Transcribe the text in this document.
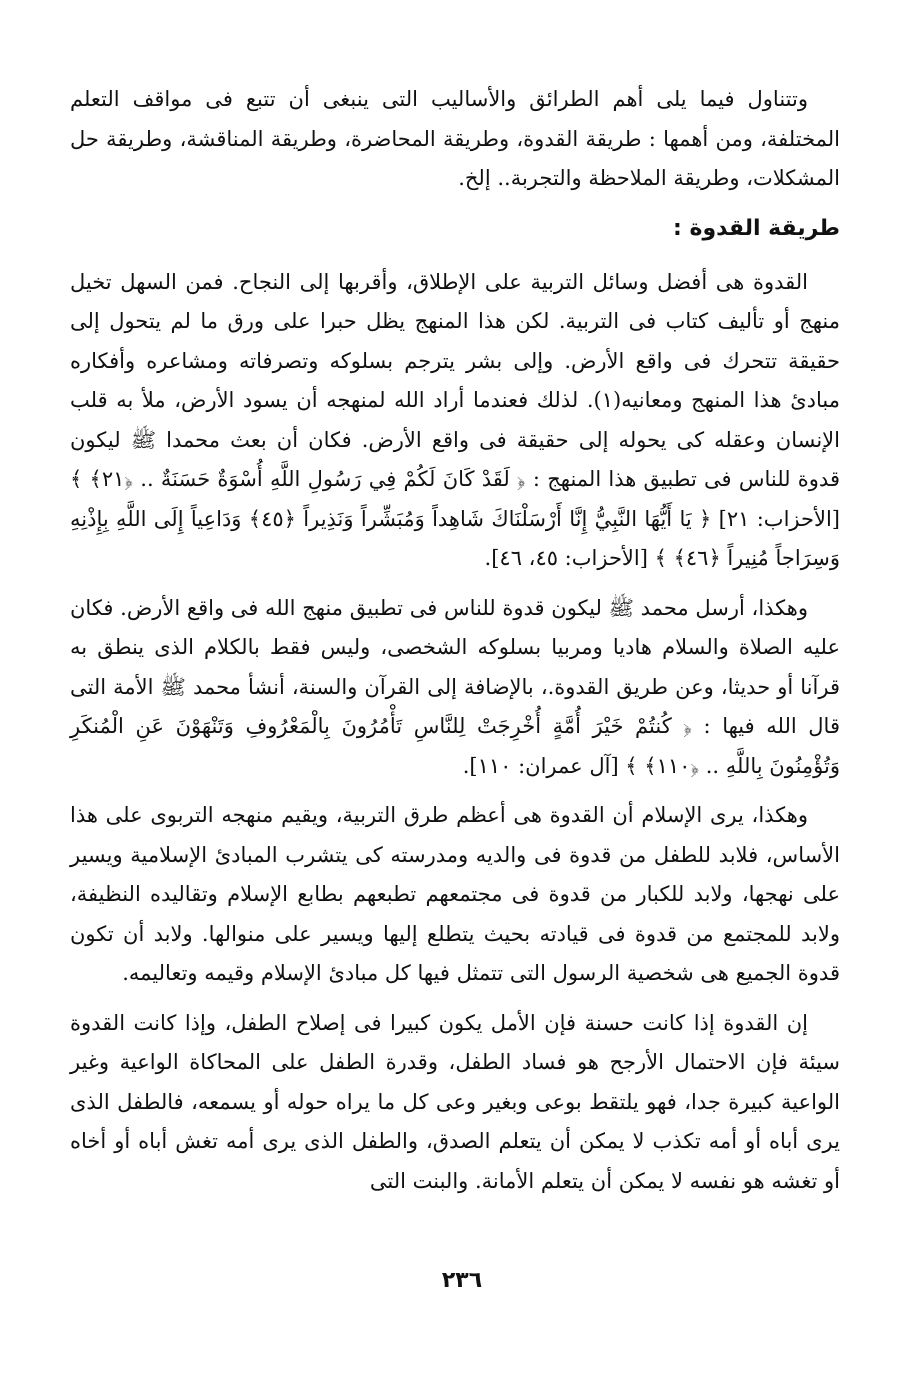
وتتناول فيما يلى أهم الطرائق والأساليب التى ينبغى أن تتبع فى مواقف التعلم المختلفة، ومن أهمها : طريقة القدوة، وطريقة المحاضرة، وطريقة المناقشة، وطريقة حل المشكلات، وطريقة الملاحظة والتجربة.. إلخ.

طريقة القدوة :

القدوة هى أفضل وسائل التربية على الإطلاق، وأقربها إلى النجاح. فمن السهل تخيل منهج أو تأليف كتاب فى التربية. لكن هذا المنهج يظل حبرا على ورق ما لم يتحول إلى حقيقة تتحرك فى واقع الأرض. وإلى بشر يترجم بسلوكه وتصرفاته ومشاعره وأفكاره مبادئ هذا المنهج ومعانيه(١). لذلك فعندما أراد الله لمنهجه أن يسود الأرض، ملأ به قلب الإنسان وعقله كى يحوله إلى حقيقة فى واقع الأرض. فكان أن بعث محمدا ﷺ ليكون قدوة للناس فى تطبيق هذا المنهج : ﴿ لَقَدْ كَانَ لَكُمْ فِي رَسُولِ اللَّهِ أُسْوَةٌ حَسَنَةٌ .. ﴿٢١﴾ ﴾ [الأحزاب: ٢١] ﴿ يَا أَيُّهَا النَّبِيُّ إِنَّا أَرْسَلْنَاكَ شَاهِداً وَمُبَشِّراً وَنَذِيراً ﴿٤٥﴾ وَدَاعِياً إِلَى اللَّهِ بِإِذْنِهِ وَسِرَاجاً مُنِيراً ﴿٤٦﴾ ﴾ [الأحزاب: ٤٥، ٤٦].

وهكذا، أرسل محمد ﷺ ليكون قدوة للناس فى تطبيق منهج الله فى واقع الأرض. فكان عليه الصلاة والسلام هاديا ومربيا بسلوكه الشخصى، وليس فقط بالكلام الذى ينطق به قرآنا أو حديثا، وعن طريق القدوة.، بالإضافة إلى القرآن والسنة، أنشأ محمد ﷺ الأمة التى قال الله فيها : ﴿ كُنتُمْ خَيْرَ أُمَّةٍ أُخْرِجَتْ لِلنَّاسِ تَأْمُرُونَ بِالْمَعْرُوفِ وَتَنْهَوْنَ عَنِ الْمُنكَرِ وَتُؤْمِنُونَ بِاللَّهِ .. ﴿١١٠﴾ ﴾ [آل عمران: ١١٠].

وهكذا، يرى الإسلام أن القدوة هى أعظم طرق التربية، ويقيم منهجه التربوى على هذا الأساس، فلابد للطفل من قدوة فى والديه ومدرسته كى يتشرب المبادئ الإسلامية ويسير على نهجها، ولابد للكبار من قدوة فى مجتمعهم تطبعهم بطابع الإسلام وتقاليده النظيفة، ولابد للمجتمع من قدوة فى قيادته بحيث يتطلع إليها ويسير على منوالها. ولابد أن تكون قدوة الجميع هى شخصية الرسول التى تتمثل فيها كل مبادئ الإسلام وقيمه وتعاليمه.

إن القدوة إذا كانت حسنة فإن الأمل يكون كبيرا فى إصلاح الطفل، وإذا كانت القدوة سيئة فإن الاحتمال الأرجح هو فساد الطفل، وقدرة الطفل على المحاكاة الواعية وغير الواعية كبيرة جدا، فهو يلتقط بوعى وبغير وعى كل ما يراه حوله أو يسمعه، فالطفل الذى يرى أباه أو أمه تكذب لا يمكن أن يتعلم الصدق، والطفل الذى يرى أمه تغش أباه أو أخاه أو تغشه هو نفسه لا يمكن أن يتعلم الأمانة. والبنت التى

٢٣٦
